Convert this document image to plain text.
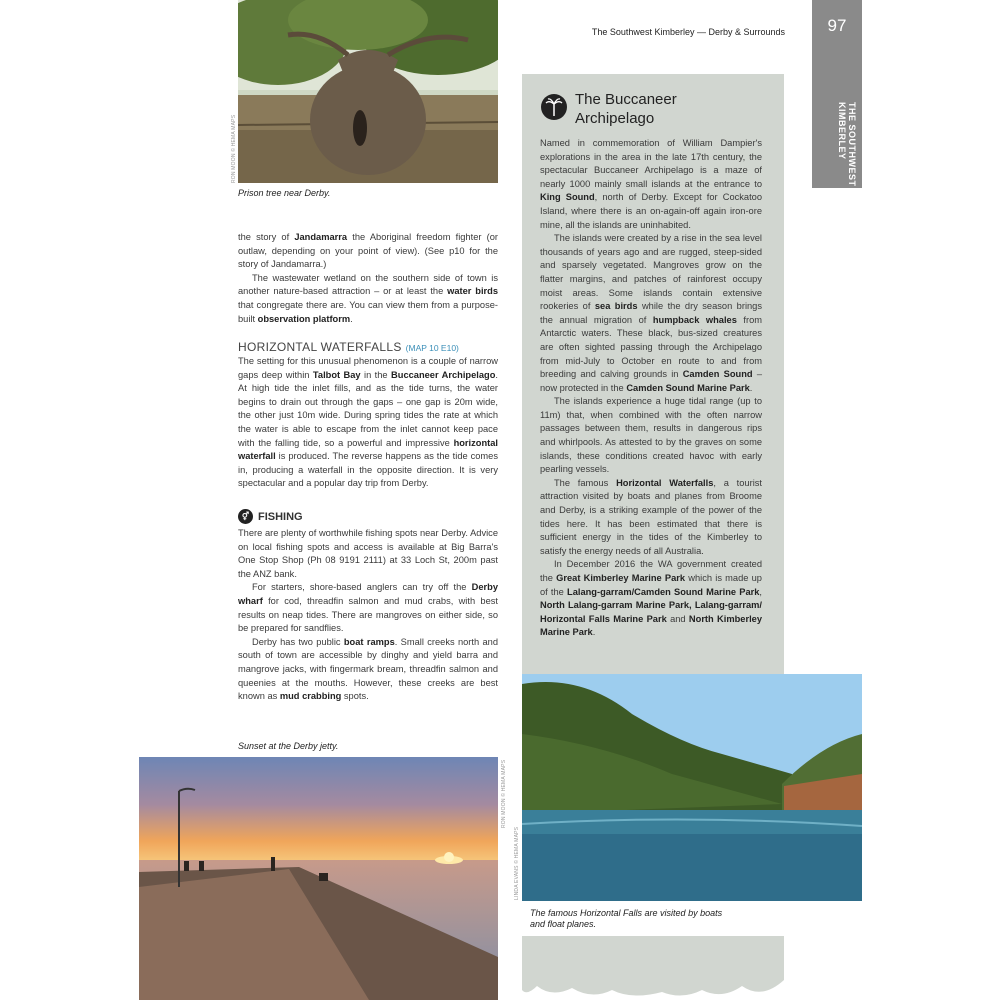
RON MOON © HEMA MAPS
Prison tree near Derby.

the story of Jandamarra the Aboriginal freedom fighter (or outlaw, depending on your point of view). (See p10 for the story of Jandamarra.)

The wastewater wetland on the southern side of town is another nature-based attraction – or at least the water birds that congregate there are. You can view them from a purpose-built observation platform.

HORIZONTAL WATERFALLS (MAP 10 E10)

The setting for this unusual phenomenon is a couple of narrow gaps deep within Talbot Bay in the Buccaneer Archipelago. At high tide the inlet fills, and as the tide turns, the water begins to drain out through the gaps – one gap is 20m wide, the other just 10m wide. During spring tides the rate at which the water is able to escape from the inlet cannot keep pace with the falling tide, so a powerful and impressive horizontal waterfall is produced. The reverse happens as the tide comes in, producing a waterfall in the opposite direction. It is very spectacular and a popular day trip from Derby.

⚥ FISHING

There are plenty of worthwhile fishing spots near Derby. Advice on local fishing spots and access is available at Big Barra's One Stop Shop (Ph 08 9191 2111) at 33 Loch St, 200m past the ANZ bank.

For starters, shore-based anglers can try off the Derby wharf for cod, threadfin salmon and mud crabs, with best results on neap tides. There are mangroves on either side, so be prepared for sandflies.

Derby has two public boat ramps. Small creeks north and south of town are accessible by dinghy and yield barra and mangrove jacks, with fingermark bream, threadfin salmon and queenies at the mouths. However, these creeks are best known as mud crabbing spots.

Sunset at the Derby jetty.
RON MOON © HEMA MAPS
The Southwest Kimberley — Derby & Surrounds	97
THE SOUTHWEST
KIMBERLEY
The Buccaneer
Archipelago

Named in commemoration of William Dampier's explorations in the area in the late 17th century, the spectacular Buccaneer Archipelago is a maze of nearly 1000 mainly small islands at the entrance to King Sound, north of Derby. Except for Cockatoo Island, where there is an on-again-off again iron-ore mine, all the islands are uninhabited.

The islands were created by a rise in the sea level thousands of years ago and are rugged, steep-sided and sparsely vegetated. Mangroves grow on the flatter margins, and patches of rainforest occupy moist areas. Some islands contain extensive rookeries of sea birds while the dry season brings the annual migration of humpback whales from Antarctic waters. These black, bus-sized creatures are often sighted passing through the Archipelago from mid-July to October en route to and from breeding and calving grounds in Camden Sound – now protected in the Camden Sound Marine Park.

The islands experience a huge tidal range (up to 11m) that, when combined with the often narrow passages between them, results in dangerous rips and whirlpools. As attested to by the graves on some islands, these conditions created havoc with early pearling vessels.

The famous Horizontal Waterfalls, a tourist attraction visited by boats and planes from Broome and Derby, is a striking example of the power of the tides here. It has been estimated that there is sufficient energy in the tides of the Kimberley to satisfy the energy needs of all Australia.

In December 2016 the WA government created the Great Kimberley Marine Park which is made up of the Lalang-garram/Camden Sound Marine Park, North Lalang-garram Marine Park, Lalang-garram/ Horizontal Falls Marine Park and North Kimberley Marine Park.

LINDA EVANS © HEMA MAPS
The famous Horizontal Falls are visited by boats
and float planes.
